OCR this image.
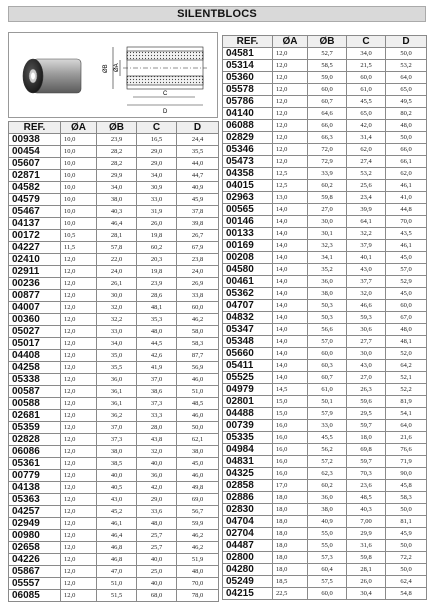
SILENTBLOCS
ØB ØA
C
D
REF.	ØA	ØB	C	D
00938	10,0	23,9	16,5	24,4
00454	10,0	28,2	29,0	35,5
05607	10,0	28,2	29,0	44,0
02871	10,0	29,9	34,0	44,7
04582	10,0	34,0	30,9	40,9
04579	10,0	38,0	33,0	45,9
05467	10,0	40,3	31,9	37,8
04137	10,0	46,4	26,0	39,8
00172	10,5	28,1	19,8	26,7
04227	11,5	57,8	60,2	67,9
02410	12,0	22,0	20,3	23,8
02911	12,0	24,0	19,8	24,0
00236	12,0	26,1	23,9	26,9
00877	12,0	30,0	28,6	33,8
04007	12,0	32,0	48,1	60,0
00360	12,0	32,2	35,3	46,2
05027	12,0	33,0	48,0	58,0
05017	12,0	34,0	44,5	58,3
04408	12,0	35,0	42,6	87,7
04258	12,0	35,5	41,9	56,9
05338	12,0	36,0	37,0	46,0
00587	12,0	36,1	38,6	51,0
00588	12,0	36,1	37,3	48,5
02681	12,0	36,2	33,3	46,0
05359	12,0	37,0	28,0	50,0
02828	12,0	37,3	43,8	62,1
06086	12,0	38,0	32,0	38,0
05361	12,0	38,5	40,0	45,0
00779	12,0	40,0	36,0	46,0
04138	12,0	40,5	42,0	49,8
05363	12,0	43,0	29,0	69,0
04257	12,0	45,2	33,6	56,7
02949	12,0	46,1	48,0	59,9
00980	12,0	46,4	25,7	46,2
02658	12,0	46,8	25,7	46,2
04226	12,0	46,8	40,0	51,9
05867	12,0	47,0	25,0	48,0
05557	12,0	51,0	40,0	70,0
06085	12,0	51,5	68,0	78,0
REF.	ØA	ØB	C	D
04581	12,0	52,7	34,0	50,0
05314	12,0	58,5	21,5	53,2
05360	12,0	59,0	60,0	64,0
05578	12,0	60,0	61,0	65,0
05786	12,0	60,7	45,5	49,5
04140	12,0	64,6	65,0	80,2
06088	12,0	66,0	42,0	48,0
02829	12,0	66,3	31,4	50,0
05346	12,0	72,0	62,0	66,0
05473	12,0	72,9	27,4	66,1
04358	12,5	33,9	53,2	62,0
04015	12,5	60,2	25,6	46,1
02963	13,0	59,8	23,4	41,0
00565	14,0	27,0	39,9	44,8
00146	14,0	30,0	64,1	70,0
00133	14,0	30,1	32,2	43,5
00169	14,0	32,3	37,9	46,1
00208	14,0	34,1	40,1	45,0
04580	14,0	35,2	43,0	57,0
00461	14,0	36,0	37,7	52,9
05362	14,0	38,0	32,0	45,0
04707	14,0	50,3	46,6	60,0
04832	14,0	50,3	59,3	67,0
05347	14,0	56,6	30,6	48,0
05348	14,0	57,0	27,7	48,1
05660	14,0	60,0	30,0	52,0
05411	14,0	60,3	43,0	64,2
05525	14,0	60,7	27,0	52,1
04979	14,5	61,0	26,3	52,2
02801	15,0	50,1	59,6	81,9
04488	15,0	57,9	29,5	54,1
00739	16,0	33,0	59,7	64,0
05335	16,0	45,5	18,0	21,6
04984	16,0	56,2	69,8	76,6
04831	16,0	57,2	59,7	71,9
04325	16,0	62,3	70,3	90,0
02858	17,0	60,2	23,6	45,8
02886	18,0	36,0	48,5	58,3
02830	18,0	38,0	40,3	50,0
04704	18,0	40,9	7,00	81,1
02704	18,0	55,0	29,9	45,9
04487	18,0	55,0	31,6	50,0
02800	18,0	57,3	59,8	72,2
04280	18,0	60,4	28,1	50,0
05249	18,5	57,5	26,0	62,4
04215	22,5	60,0	30,4	54,8
